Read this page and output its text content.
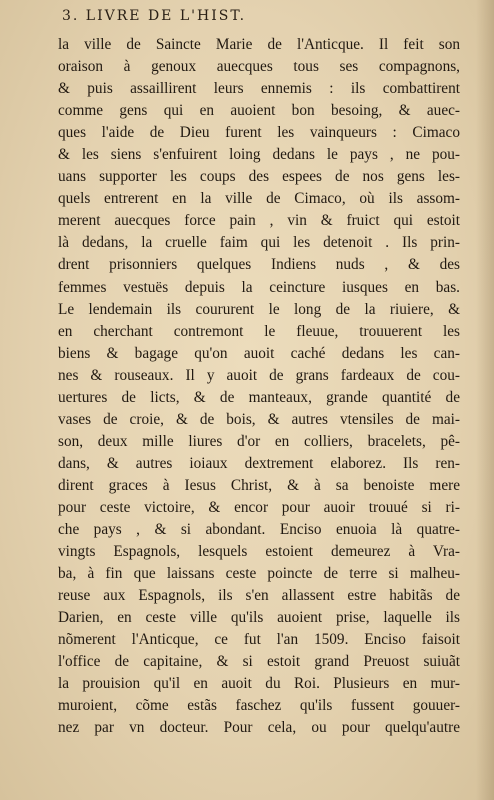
3. LIVRE DE L'HIST.
la ville de Saincte Marie de l'Anticque. Il feit son
oraison à genoux auecques tous ses compagnons,
& puis assaillirent leurs ennemis : ils combattirent
comme gens qui en auoient bon besoing, & auec-
ques l'aide de Dieu furent les vainqueurs : Cimaco
& les siens s'enfuirent loing dedans le pays , ne pou-
uans supporter les coups des espees de nos gens les-
quels entrerent en la ville de Cimaco, où ils assom-
merent auecques force pain , vin & fruict qui estoit
là dedans, la cruelle faim qui les detenoit . Ils prin-
drent prisonniers quelques Indiens nuds , & des
femmes vestuës depuis la ceincture iusques en bas.
Le lendemain ils coururent le long de la riuiere, &
en cherchant contremont le fleuue, trouuerent les
biens & bagage qu'on auoit caché dedans les can-
nes & rouseaux. Il y auoit de grans fardeaux de cou-
uertures de licts, & de manteaux, grande quantité de
vases de croie, & de bois, & autres vtensiles de mai-
son, deux mille liures d'or en colliers, bracelets, pê-
dans, & autres ioiaux dextrement elaborez. Ils ren-
dirent graces à Iesus Christ, & à sa benoiste mere
pour ceste victoire, & encor pour auoir trouué si ri-
che pays , & si abondant. Enciso enuoia là quatre-
vingts Espagnols, lesquels estoient demeurez à Vra-
ba, à fin que laissans ceste poincte de terre si malheu-
reuse aux Espagnols, ils s'en allassent estre habitãs de
Darien, en ceste ville qu'ils auoient prise, laquelle ils
nõmerent l'Anticque, ce fut l'an 1509. Enciso faisoit
l'office de capitaine, & si estoit grand Preuost suiuãt
la prouision qu'il en auoit du Roi. Plusieurs en mur-
muroient, cõme estãs faschez qu'ils fussent gouuer-
nez par vn docteur. Pour cela, ou pour quelqu'autre
